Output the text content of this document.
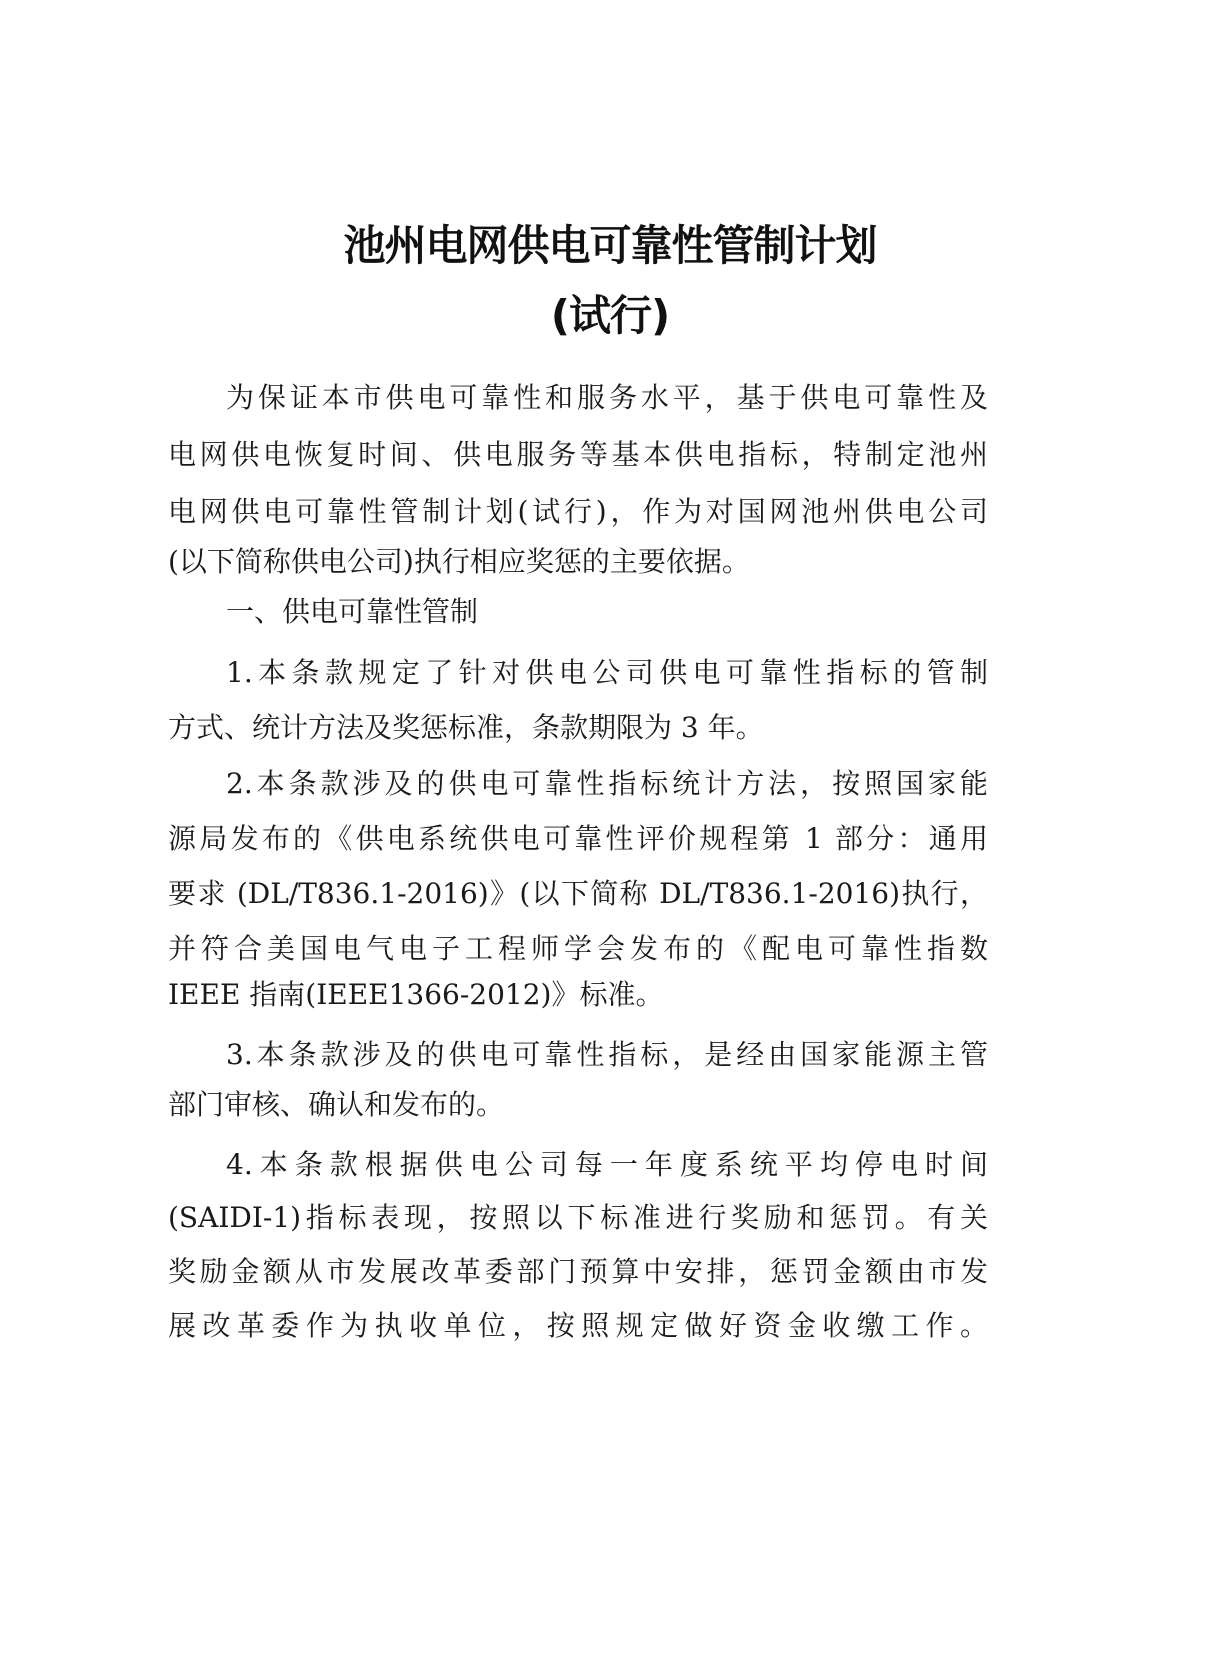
池州电网供电可靠性管制计划
(试行)
为保证本市供电可靠性和服务水平，基于供电可靠性及
电网供电恢复时间、供电服务等基本供电指标，特制定池州
电网供电可靠性管制计划(试行)，作为对国网池州供电公司
(以下简称供电公司)执行相应奖惩的主要依据。
一、供电可靠性管制
1.本条款规定了针对供电公司供电可靠性指标的管制
方式、统计方法及奖惩标准，条款期限为 3 年。
2.本条款涉及的供电可靠性指标统计方法，按照国家能
源局发布的《供电系统供电可靠性评价规程第 1 部分：通用
要求 (DL/T836.1-2016)》(以下简称 DL/T836.1-2016)执行，
并符合美国电气电子工程师学会发布的《配电可靠性指数
IEEE 指南(IEEE1366-2012)》标准。
3.本条款涉及的供电可靠性指标，是经由国家能源主管
部门审核、确认和发布的。
4.本条款根据供电公司每一年度系统平均停电时间
(SAIDI-1)指标表现，按照以下标准进行奖励和惩罚。有关
奖励金额从市发展改革委部门预算中安排，惩罚金额由市发
展改革委作为执收单位，按照规定做好资金收缴工作。
